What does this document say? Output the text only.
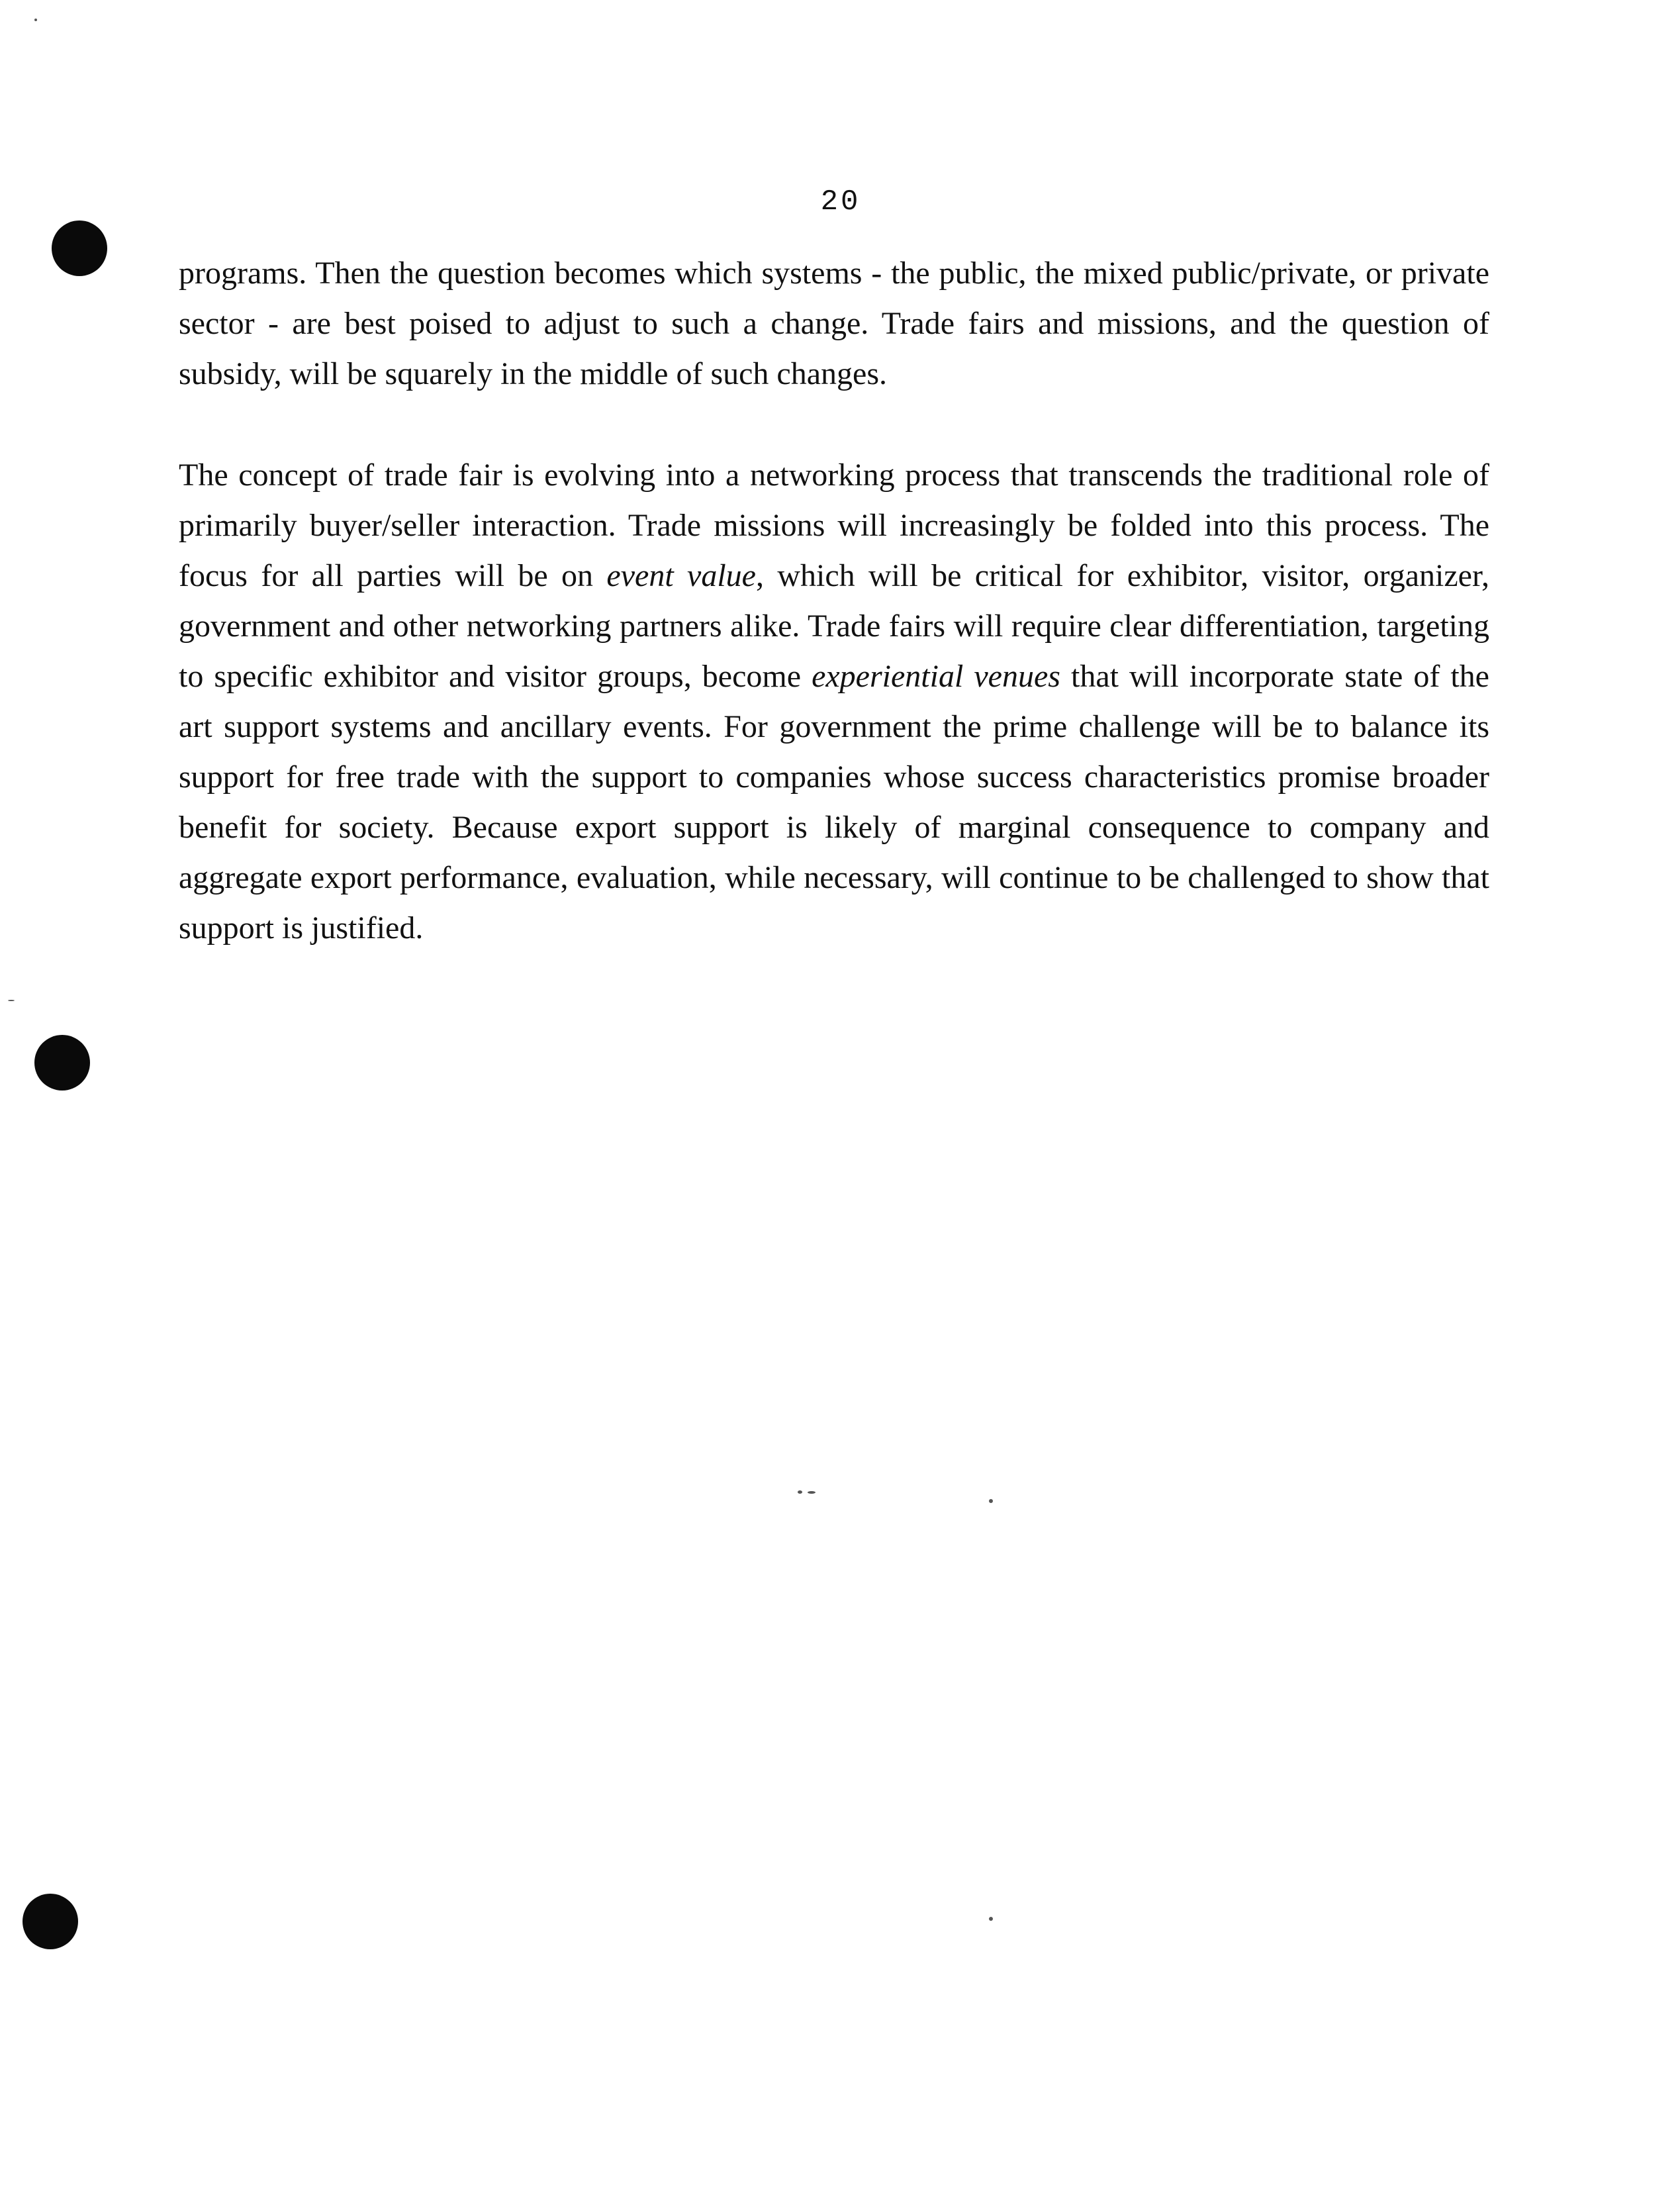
20

programs. Then the question becomes which systems - the public, the mixed public/private, or private sector - are best poised to adjust to such a change. Trade fairs and missions, and the question of subsidy, will be squarely in the middle of such changes.

The concept of trade fair is evolving into a networking process that transcends the traditional role of primarily buyer/seller interaction. Trade missions will increasingly be folded into this process. The focus for all parties will be on event value, which will be critical for exhibitor, visitor, organizer, government and other networking partners alike. Trade fairs will require clear differentiation, targeting to specific exhibitor and visitor groups, become experiential venues that will incorporate state of the art support systems and ancillary events. For government the prime challenge will be to balance its support for free trade with the support to companies whose success characteristics promise broader benefit for society. Because export support is likely of marginal consequence to company and aggregate export performance, evaluation, while necessary, will continue to be challenged to show that support is justified.
